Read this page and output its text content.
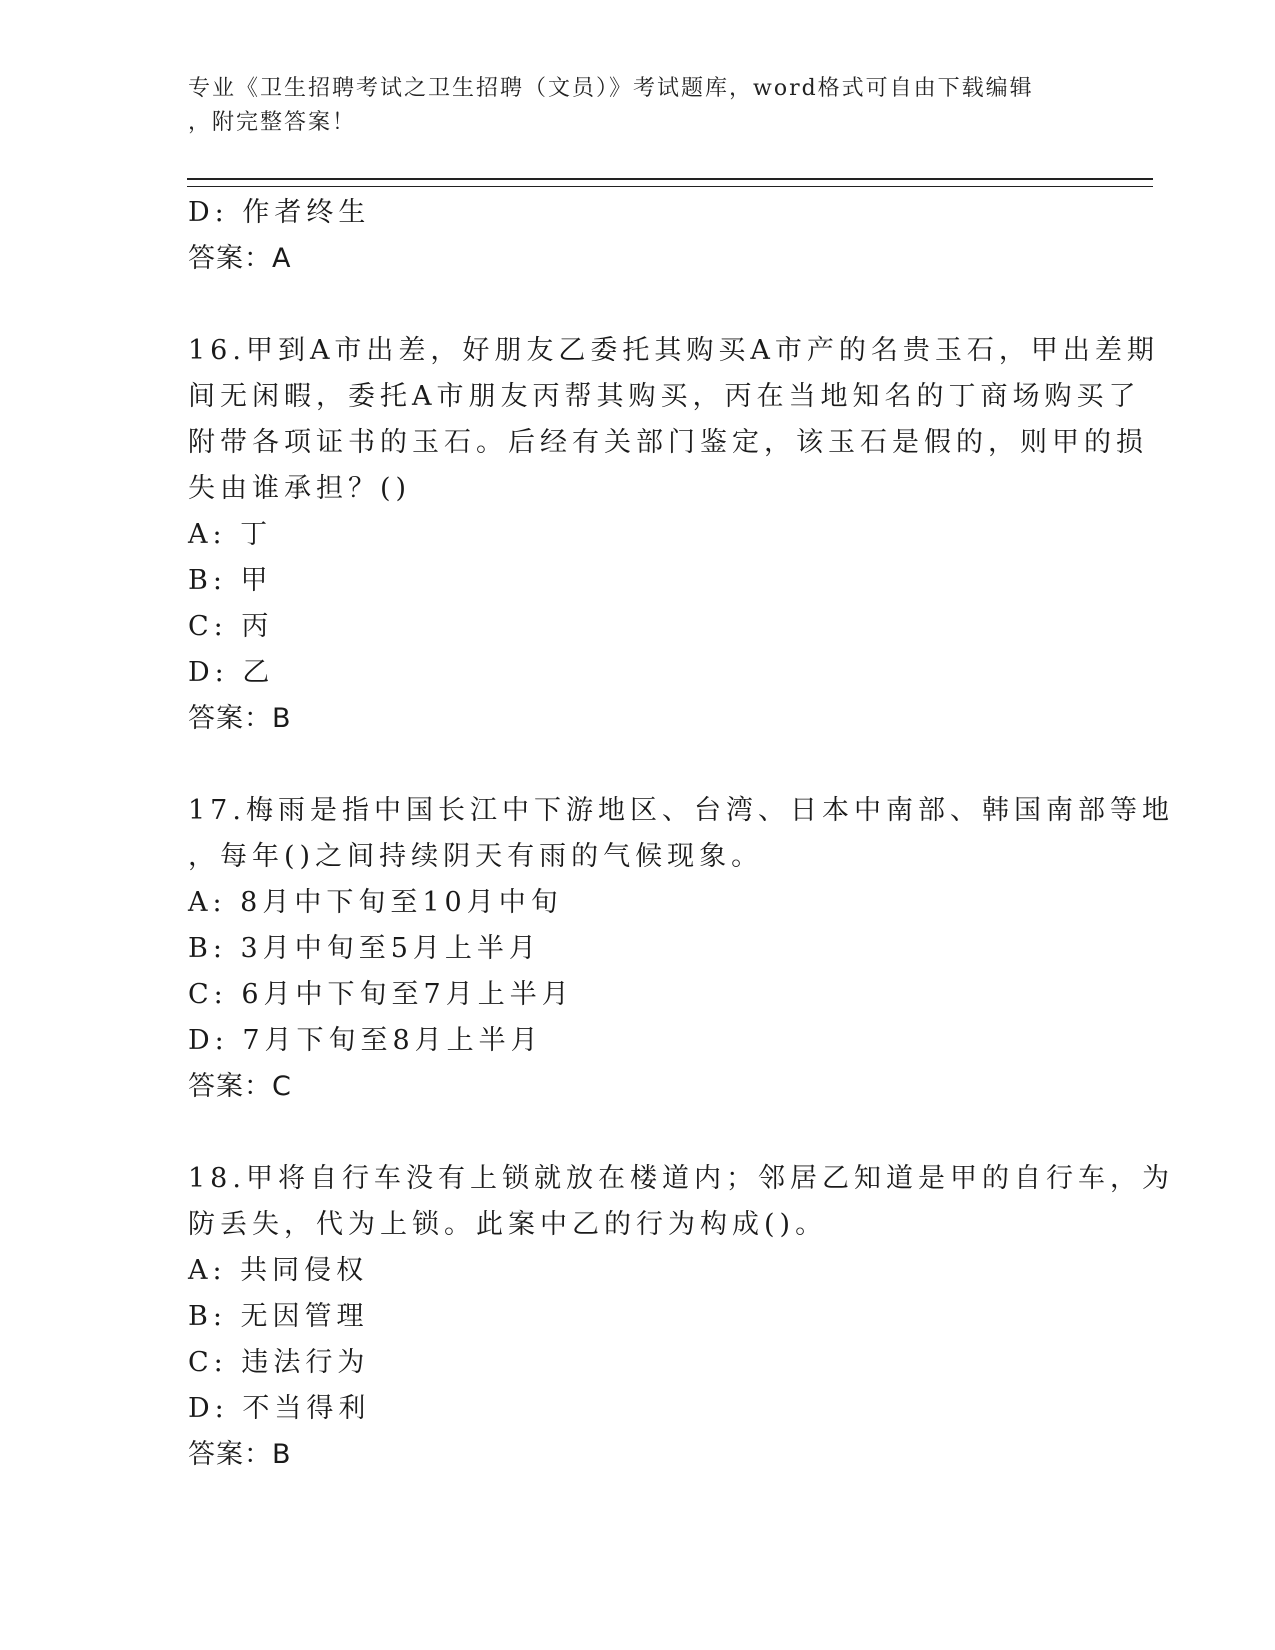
专业《卫生招聘考试之卫生招聘（文员）》考试题库，word格式可自由下载编辑
，附完整答案！
D: 作者终生
答案：A
16.甲到A市出差，好朋友乙委托其购买A市产的名贵玉石，甲出差期
间无闲暇，委托A市朋友丙帮其购买，丙在当地知名的丁商场购买了
附带各项证书的玉石。后经有关部门鉴定，该玉石是假的，则甲的损
失由谁承担？()
A: 丁
B: 甲
C: 丙
D: 乙
答案：B
17.梅雨是指中国长江中下游地区、台湾、日本中南部、韩国南部等地
，每年()之间持续阴天有雨的气候现象。
A: 8月中下旬至10月中旬
B: 3月中旬至5月上半月
C: 6月中下旬至7月上半月
D: 7月下旬至8月上半月
答案：C
18.甲将自行车没有上锁就放在楼道内；邻居乙知道是甲的自行车，为
防丢失，代为上锁。此案中乙的行为构成()。
A: 共同侵权
B: 无因管理
C: 违法行为
D: 不当得利
答案：B
